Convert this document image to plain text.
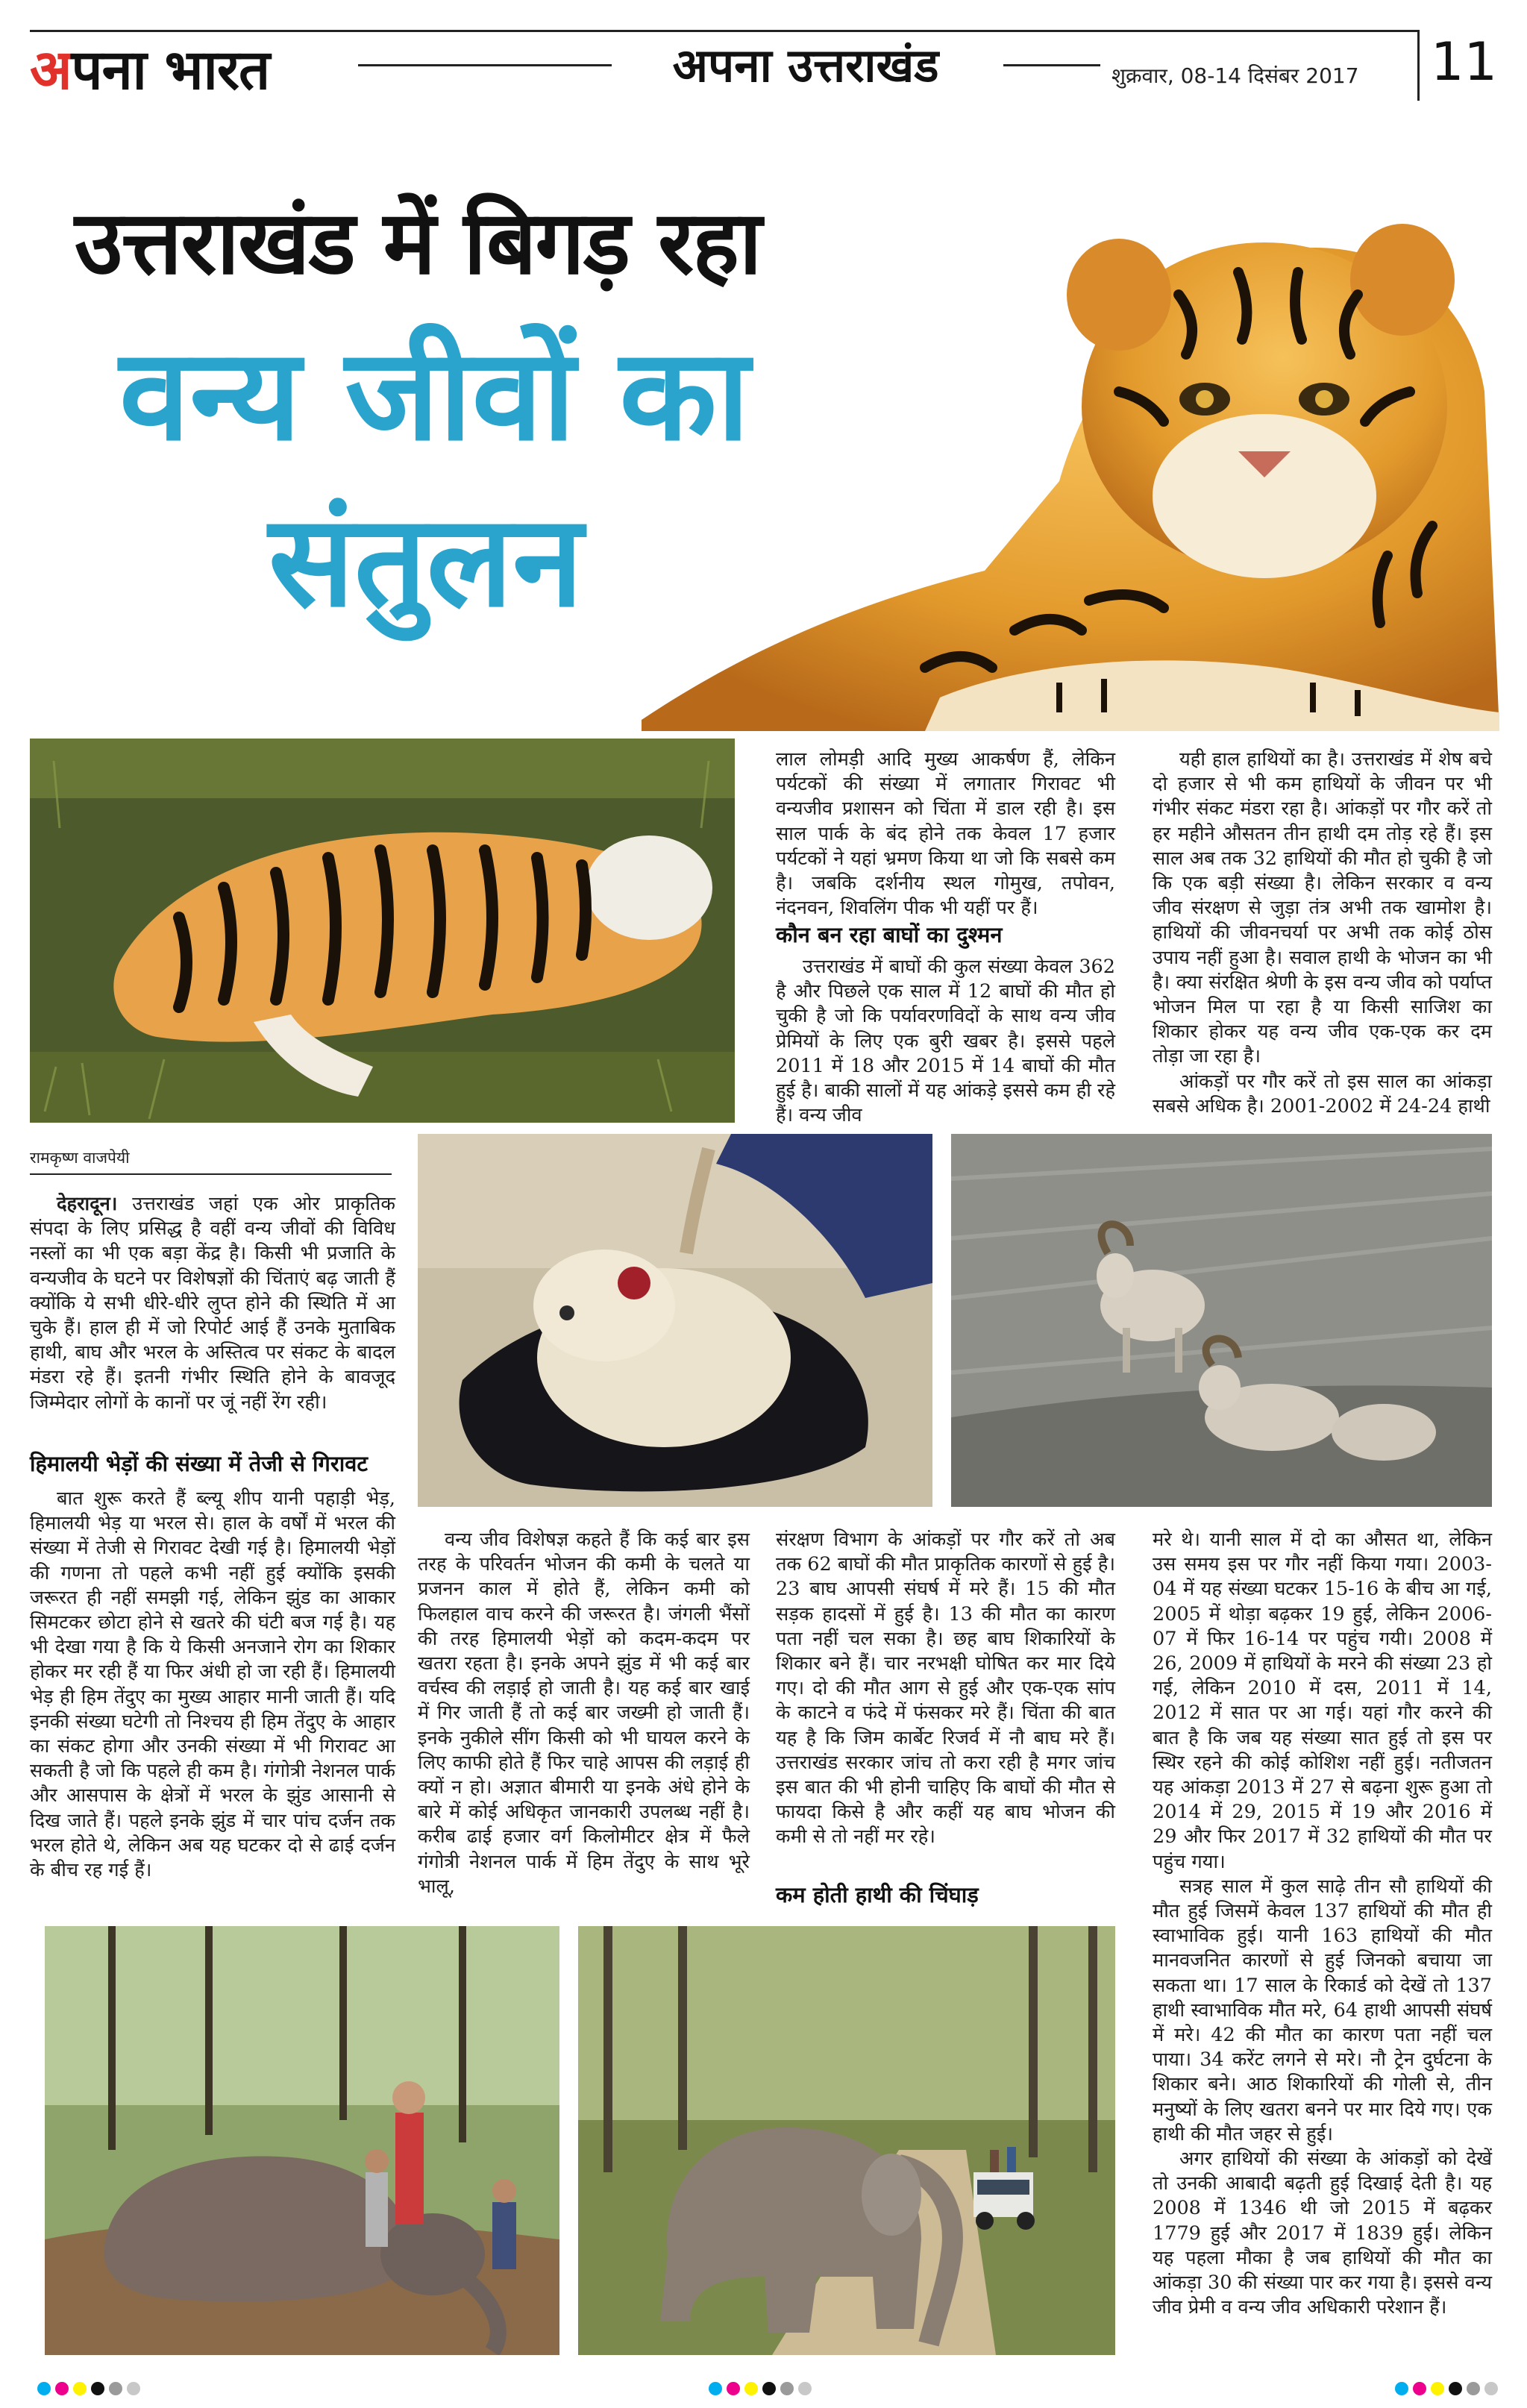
अपना भारत	अपना उत्तराखंड	शुक्रवार, 08-14 दिसंबर 2017 11
उत्तराखंड में बिगड़ रहा
वन्य जीवों का
संतुलन

लाल लोमड़ी आदि मुख्य आकर्षण हैं, लेकिन पर्यटकों की संख्या में लगातार गिरावट भी वन्यजीव प्रशासन को चिंता में डाल रही है। इस साल पार्क के बंद होने तक केवल 17 हजार पर्यटकों ने यहां भ्रमण किया था जो कि सबसे कम है। जबकि दर्शनीय स्थल गोमुख, तपोवन, नंदनवन, शिवलिंग पीक भी यहीं पर हैं।

कौन बन रहा बाघों का दुश्मन

उत्तराखंड में बाघों की कुल संख्या केवल 362 है और पिछले एक साल में 12 बाघों की मौत हो चुकी है जो कि पर्यावरणविदों के साथ वन्य जीव प्रेमियों के लिए एक बुरी खबर है। इससे पहले 2011 में 18 और 2015 में 14 बाघों की मौत हुई है। बाकी सालों में यह आंकड़े इससे कम ही रहे हैं। वन्य जीव

यही हाल हाथियों का है। उत्तराखंड में शेष बचे दो हजार से भी कम हाथियों के जीवन पर भी गंभीर संकट मंडरा रहा है। आंकड़ों पर गौर करें तो हर महीने औसतन तीन हाथी दम तोड़ रहे हैं। इस साल अब तक 32 हाथियों की मौत हो चुकी है जो कि एक बड़ी संख्या है। लेकिन सरकार व वन्य जीव संरक्षण से जुड़ा तंत्र अभी तक खामोश है। हाथियों की जीवनचर्या पर अभी तक कोई ठोस उपाय नहीं हुआ है। सवाल हाथी के भोजन का भी है। क्या संरक्षित श्रेणी के इस वन्य जीव को पर्याप्त भोजन मिल पा रहा है या किसी साजिश का शिकार होकर यह वन्य जीव एक-एक कर दम तोड़ा जा रहा है।

आंकड़ों पर गौर करें तो इस साल का आंकड़ा सबसे अधिक है। 2001-2002 में 24-24 हाथी

रामकृष्ण वाजपेयी

देहरादून। उत्तराखंड जहां एक ओर प्राकृतिक संपदा के लिए प्रसिद्ध है वहीं वन्य जीवों की विविध नस्लों का भी एक बड़ा केंद्र है। किसी भी प्रजाति के वन्यजीव के घटने पर विशेषज्ञों की चिंताएं बढ़ जाती हैं क्योंकि ये सभी धीरे-धीरे लुप्त होने की स्थिति में आ चुके हैं। हाल ही में जो रिपोर्ट आई हैं उनके मुताबिक हाथी, बाघ और भरल के अस्तित्व पर संकट के बादल मंडरा रहे हैं। इतनी गंभीर स्थिति होने के बावजूद जिम्मेदार लोगों के कानों पर जूं नहीं रेंग रही।

हिमालयी भेड़ों की संख्या में तेजी से गिरावट

बात शुरू करते हैं ब्ल्यू शीप यानी पहाड़ी भेड़, हिमालयी भेड़ या भरल से। हाल के वर्षों में भरल की संख्या में तेजी से गिरावट देखी गई है। हिमालयी भेड़ों की गणना तो पहले कभी नहीं हुई क्योंकि इसकी जरूरत ही नहीं समझी गई, लेकिन झुंड का आकार सिमटकर छोटा होने से खतरे की घंटी बज गई है। यह भी देखा गया है कि ये किसी अनजाने रोग का शिकार होकर मर रही हैं या फिर अंधी हो जा रही हैं। हिमालयी भेड़ ही हिम तेंदुए का मुख्य आहार मानी जाती हैं। यदि इनकी संख्या घटेगी तो निश्चय ही हिम तेंदुए के आहार का संकट होगा और उनकी संख्या में भी गिरावट आ सकती है जो कि पहले ही कम है। गंगोत्री नेशनल पार्क और आसपास के क्षेत्रों में भरल के झुंड आसानी से दिख जाते हैं। पहले इनके झुंड में चार पांच दर्जन तक भरल होते थे, लेकिन अब यह घटकर दो से ढाई दर्जन के बीच रह गई हैं।

वन्य जीव विशेषज्ञ कहते हैं कि कई बार इस तरह के परिवर्तन भोजन की कमी के चलते या प्रजनन काल में होते हैं, लेकिन कमी को फिलहाल वाच करने की जरूरत है। जंगली भैंसों की तरह हिमालयी भेड़ों को कदम-कदम पर खतरा रहता है। इनके अपने झुंड में भी कई बार वर्चस्व की लड़ाई हो जाती है। यह कई बार खाई में गिर जाती हैं तो कई बार जख्मी हो जाती हैं। इनके नुकीले सींग किसी को भी घायल करने के लिए काफी होते हैं फिर चाहे आपस की लड़ाई ही क्यों न हो। अज्ञात बीमारी या इनके अंधे होने के बारे में कोई अधिकृत जानकारी उपलब्ध नहीं है। करीब ढाई हजार वर्ग किलोमीटर क्षेत्र में फैले गंगोत्री नेशनल पार्क में हिम तेंदुए के साथ भूरे भालू,

संरक्षण विभाग के आंकड़ों पर गौर करें तो अब तक 62 बाघों की मौत प्राकृतिक कारणों से हुई है। 23 बाघ आपसी संघर्ष में मरे हैं। 15 की मौत सड़क हादसों में हुई है। 13 की मौत का कारण पता नहीं चल सका है। छह बाघ शिकारियों के शिकार बने हैं। चार नरभक्षी घोषित कर मार दिये गए। दो की मौत आग से हुई और एक-एक सांप के काटने व फंदे में फंसकर मरे हैं। चिंता की बात यह है कि जिम कार्बेट रिजर्व में नौ बाघ मरे हैं। उत्तराखंड सरकार जांच तो करा रही है मगर जांच इस बात की भी होनी चाहिए कि बाघों की मौत से फायदा किसे है और कहीं यह बाघ भोजन की कमी से तो नहीं मर रहे।

कम होती हाथी की चिंघाड़

मरे थे। यानी साल में दो का औसत था, लेकिन उस समय इस पर गौर नहीं किया गया। 2003-04 में यह संख्या घटकर 15-16 के बीच आ गई, 2005 में थोड़ा बढ़कर 19 हुई, लेकिन 2006-07 में फिर 16-14 पर पहुंच गयी। 2008 में 26, 2009 में हाथियों के मरने की संख्या 23 हो गई, लेकिन 2010 में दस, 2011 में 14, 2012 में सात पर आ गई। यहां गौर करने की बात है कि जब यह संख्या सात हुई तो इस पर स्थिर रहने की कोई कोशिश नहीं हुई। नतीजतन यह आंकड़ा 2013 में 27 से बढ़ना शुरू हुआ तो 2014 में 29, 2015 में 19 और 2016 में 29 और फिर 2017 में 32 हाथियों की मौत पर पहुंच गया।

सत्रह साल में कुल साढ़े तीन सौ हाथियों की मौत हुई जिसमें केवल 137 हाथियों की मौत ही स्वाभाविक हुई। यानी 163 हाथियों की मौत मानवजनित कारणों से हुई जिनको बचाया जा सकता था। 17 साल के रिकार्ड को देखें तो 137 हाथी स्वाभाविक मौत मरे, 64 हाथी आपसी संघर्ष में मरे। 42 की मौत का कारण पता नहीं चल पाया। 34 करेंट लगने से मरे। नौ ट्रेन दुर्घटना के शिकार बने। आठ शिकारियों की गोली से, तीन मनुष्यों के लिए खतरा बनने पर मार दिये गए। एक हाथी की मौत जहर से हुई।

अगर हाथियों की संख्या के आंकड़ों को देखें तो उनकी आबादी बढ़ती हुई दिखाई देती है। यह 2008 में 1346 थी जो 2015 में बढ़कर 1779 हुई और 2017 में 1839 हुई। लेकिन यह पहला मौका है जब हाथियों की मौत का आंकड़ा 30 की संख्या पार कर गया है। इससे वन्य जीव प्रेमी व वन्य जीव अधिकारी परेशान हैं।
